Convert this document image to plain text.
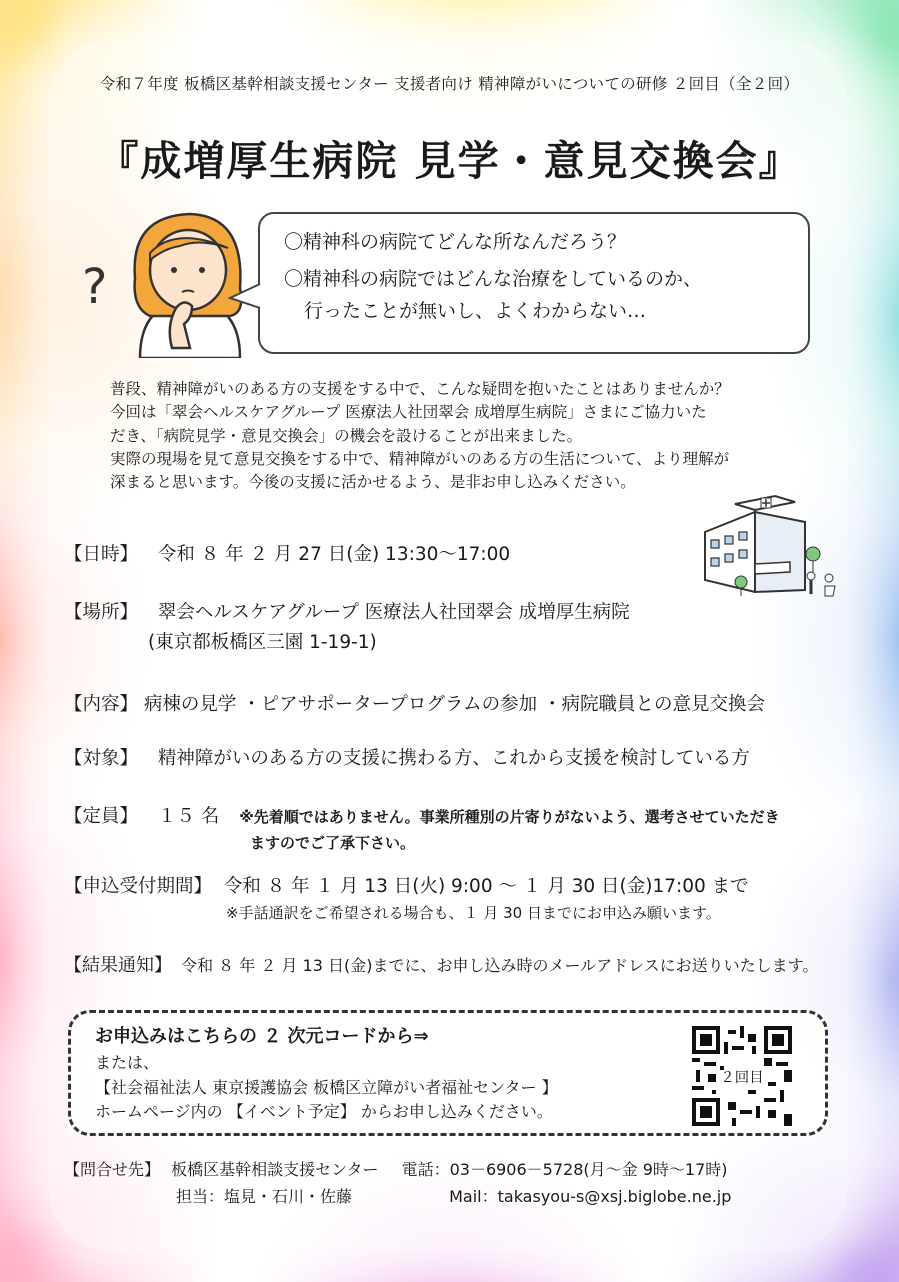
令和７年度 板橋区基幹相談支援センター 支援者向け 精神障がいについての研修 ２回目（全２回）
『成増厚生病院 見学・意見交換会』
?

〇精神科の病院てどんな所なんだろう？

〇精神科の病院ではどんな治療をしているのか、

行ったことが無いし、よくわからない…

普段、精神障がいのある方の支援をする中で、こんな疑問を抱いたことはありませんか？
今回は「翠会ヘルスケアグループ 医療法人社団翠会 成増厚生病院」さまにご協力いた
だき、「病院見学・意見交換会」の機会を設けることが出来ました。
実際の現場を見て意見交換をする中で、精神障がいのある方の生活について、より理解が
深まると思います。今後の支援に活かせるよう、是非お申し込みください。
【日時】 令和 ８ 年 ２ 月 27 日(金) 13:30～17:00
【場所】 翠会ヘルスケアグループ 医療法人社団翠会 成増厚生病院
(東京都板橋区三園 1-19-1)
【内容】 病棟の見学 ・ピアサポータープログラムの参加 ・病院職員との意見交換会
【対象】 精神障がいのある方の支援に携わる方、これから支援を検討している方
【定員】 １５ 名 ※先着順ではありません。事業所種別の片寄りがないよう、選考させていただき
ますのでご了承下さい。
【申込受付期間】 令和 ８ 年 １ 月 13 日(火) 9:00 ～ １ 月 30 日(金)17:00 まで
※手話通訳をご希望される場合も、１ 月 30 日までにお申込み願います。
【結果通知】 令和 ８ 年 ２ 月 13 日(金)までに、お申し込み時のメールアドレスにお送りいたします。
お申込みはこちらの ２ 次元コードから⇒
または、
【社会福祉法人 東京援護協会 板橋区立障がい者福祉センター 】
ホームページ内の 【イベント予定】 からお申し込みください。
２回目
【問合せ先】 板橋区基幹相談支援センター 電話：03－6906－5728(月～金 9時～17時)
担当：塩見・石川・佐藤	Mail：takasyou-s@xsj.biglobe.ne.jp
